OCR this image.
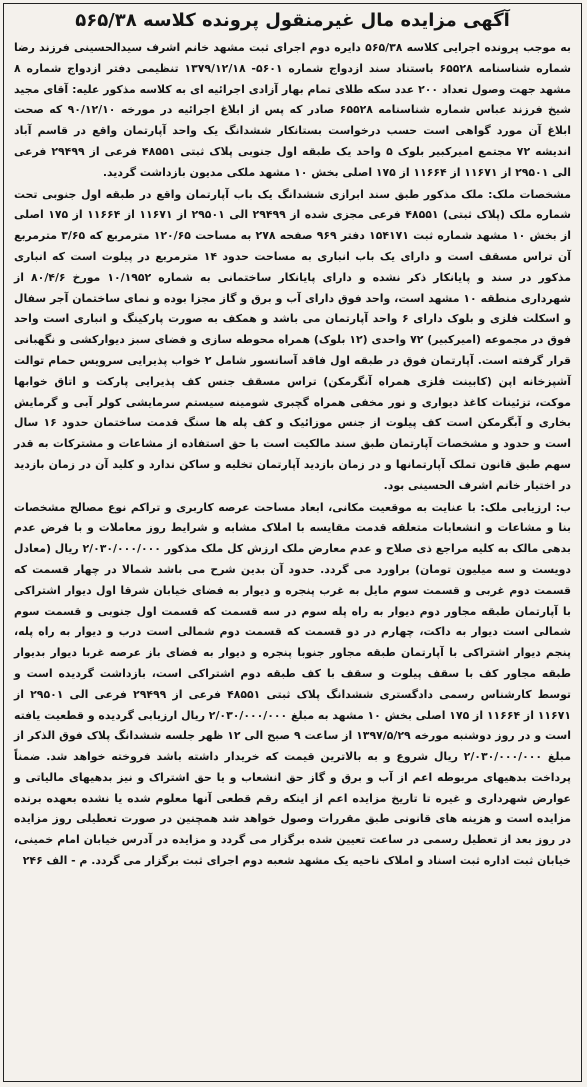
آگهی مزایده مال غیرمنقول پرونده کلاسه ۵۶۵/۳۸

به موجب پرونده اجرایی کلاسه ۵۶۵/۳۸ دایره دوم اجرای ثبت مشهد خانم اشرف سیدالحسینی فرزند رضا شماره شناسنامه ۶۵۵۲۸ باستناد سند ازدواج شماره ۵۶۰۱- ۱۳۷۹/۱۲/۱۸ تنظیمی دفتر ازدواج شماره ۸ مشهد جهت وصول تعداد ۲۰۰ عدد سکه طلای تمام بهار آزادی اجرائیه ای به کلاسه مذکور علیه: آقای مجید شیخ فرزند عباس شماره شناسنامه ۶۵۵۲۸ صادر که پس از ابلاغ اجرائیه در مورخه ۹۰/۱۲/۱۰ که صحت ابلاغ آن مورد گواهی است حسب درخواست بستانکار ششدانگ یک واحد آپارتمان واقع در قاسم آباد اندیشه ۷۲ مجتمع امیرکبیر بلوک ۵ واحد یک طبقه اول جنوبی پلاک ثبتی ۴۸۵۵۱ فرعی از ۲۹۴۹۹ فرعی الی ۲۹۵۰۱ از ۱۱۶۷۱ از ۱۱۶۶۴ از ۱۷۵ اصلی بخش ۱۰ مشهد ملکی مدیون بازداشت گردید.

مشخصات ملک: ملک مذکور طبق سند ابرازی ششدانگ یک باب آپارتمان واقع در طبقه اول جنوبی تحت شماره ملک (پلاک ثبتی) ۴۸۵۵۱ فرعی مجزی شده از ۲۹۴۹۹ الی ۲۹۵۰۱ از ۱۱۶۷۱ از ۱۱۶۶۴ از ۱۷۵ اصلی از بخش ۱۰ مشهد شماره ثبت ۱۵۴۱۷۱ دفتر ۹۶۹ صفحه ۲۷۸ به مساحت ۱۲۰/۶۵ مترمربع که ۳/۶۵ مترمربع آن تراس مسقف است و دارای یک باب انباری به مساحت حدود ۱۴ مترمربع در پیلوت است که انباری مذکور در سند و پایانکار ذکر نشده و دارای پایانکار ساختمانی به شماره ۱۰/۱۹۵۲ مورخ ۸۰/۴/۶ از شهرداری منطقه ۱۰ مشهد است، واحد فوق دارای آب و برق و گاز مجزا بوده و نمای ساختمان آجر سفال و اسکلت فلزی و بلوک دارای ۶ واحد آپارتمان می باشد و همکف به صورت پارکینگ و انباری است واحد فوق در مجموعه (امیرکبیر) ۷۲ واحدی (۱۲ بلوک) همراه محوطه سازی و فضای سبز دیوارکشی و نگهبانی قرار گرفته است. آپارتمان فوق در طبقه اول فاقد آسانسور شامل ۲ خواب پذیرایی سرویس حمام توالت آشپزخانه اپن (کابینت فلزی همراه آنگرمکن) تراس مسقف جنس کف پذیرایی پارکت و اتاق خوابها موکت، تزئینات کاغذ دیواری و نور مخفی همراه گچبری شومینه سیستم سرمایشی کولر آبی و گرمایش بخاری و آبگرمکن است کف پیلوت از جنس موزائیک و کف پله ها سنگ قدمت ساختمان حدود ۱۶ سال است و حدود و مشخصات آپارتمان طبق سند مالکیت است با حق استفاده از مشاعات و مشترکات به قدر سهم طبق قانون تملک آپارتمانها و در زمان بازدید آپارتمان تخلیه و ساکن ندارد و کلید آن در زمان بازدید در اختیار خانم اشرف الحسینی بود.

ب: ارزیابی ملک: با عنایت به موقعیت مکانی، ابعاد مساحت عرصه کاربری و تراکم نوع مصالح مشخصات بنا و مشاعات و انشعابات متعلقه قدمت مقایسه با املاک مشابه و شرایط روز معاملات و با فرض عدم بدهی مالک به کلیه مراجع ذی صلاح و عدم معارض ملک ارزش کل ملک مذکور ۲/۰۳۰/۰۰۰/۰۰۰ ریال (معادل دویست و سه میلیون تومان) براورد می گردد. حدود آن بدین شرح می باشد شمالا در چهار قسمت که قسمت دوم غربی و قسمت سوم مایل به غرب پنجره و دیوار به فضای خیابان شرقا اول دیوار اشتراکی با آپارتمان طبقه مجاور دوم دیوار به راه پله سوم در سه قسمت که قسمت اول جنوبی و قسمت سوم شمالی است دیوار به داکت، چهارم در دو قسمت که قسمت دوم شمالی است درب و دیوار به راه پله، پنجم دیوار اشتراکی با آپارتمان طبقه مجاور جنوبا پنجره و دیوار به فضای باز عرصه غربا دیوار بدیوار طبقه مجاور کف با سقف پیلوت و سقف با کف طبقه دوم اشتراکی است، بازداشت گردیده است و توسط کارشناس رسمی دادگستری ششدانگ پلاک ثبتی ۴۸۵۵۱ فرعی از ۲۹۴۹۹ فرعی الی ۲۹۵۰۱ از ۱۱۶۷۱ از ۱۱۶۶۴ از ۱۷۵ اصلی بخش ۱۰ مشهد به مبلغ ۲/۰۳۰/۰۰۰/۰۰۰ ریال ارزیابی گردیده و قطعیت یافته است و در روز دوشنبه مورخه ۱۳۹۷/۵/۲۹ از ساعت ۹ صبح الی ۱۲ ظهر جلسه ششدانگ پلاک فوق الذکر از مبلغ ۲/۰۳۰/۰۰۰/۰۰۰ ریال شروع و به بالاترین قیمت که خریدار داشته باشد فروخته خواهد شد. ضمناً پرداخت بدهیهای مربوطه اعم از آب و برق و گاز حق انشعاب و یا حق اشتراک و نیز بدهیهای مالیاتی و عوارض شهرداری و غیره تا تاریخ مزایده اعم از اینکه رقم قطعی آنها معلوم شده یا نشده بعهده برنده مزایده است و هزینه های قانونی طبق مقررات وصول خواهد شد همچنین در صورت تعطیلی روز مزایده در روز بعد از تعطیل رسمی در ساعت تعیین شده برگزار می گردد و مزایده در آدرس خیابان امام خمینی، خیابان ثبت اداره ثبت اسناد و املاک ناحیه یک مشهد شعبه دوم اجرای ثبت برگزار می گردد. م - الف ۲۴۶
